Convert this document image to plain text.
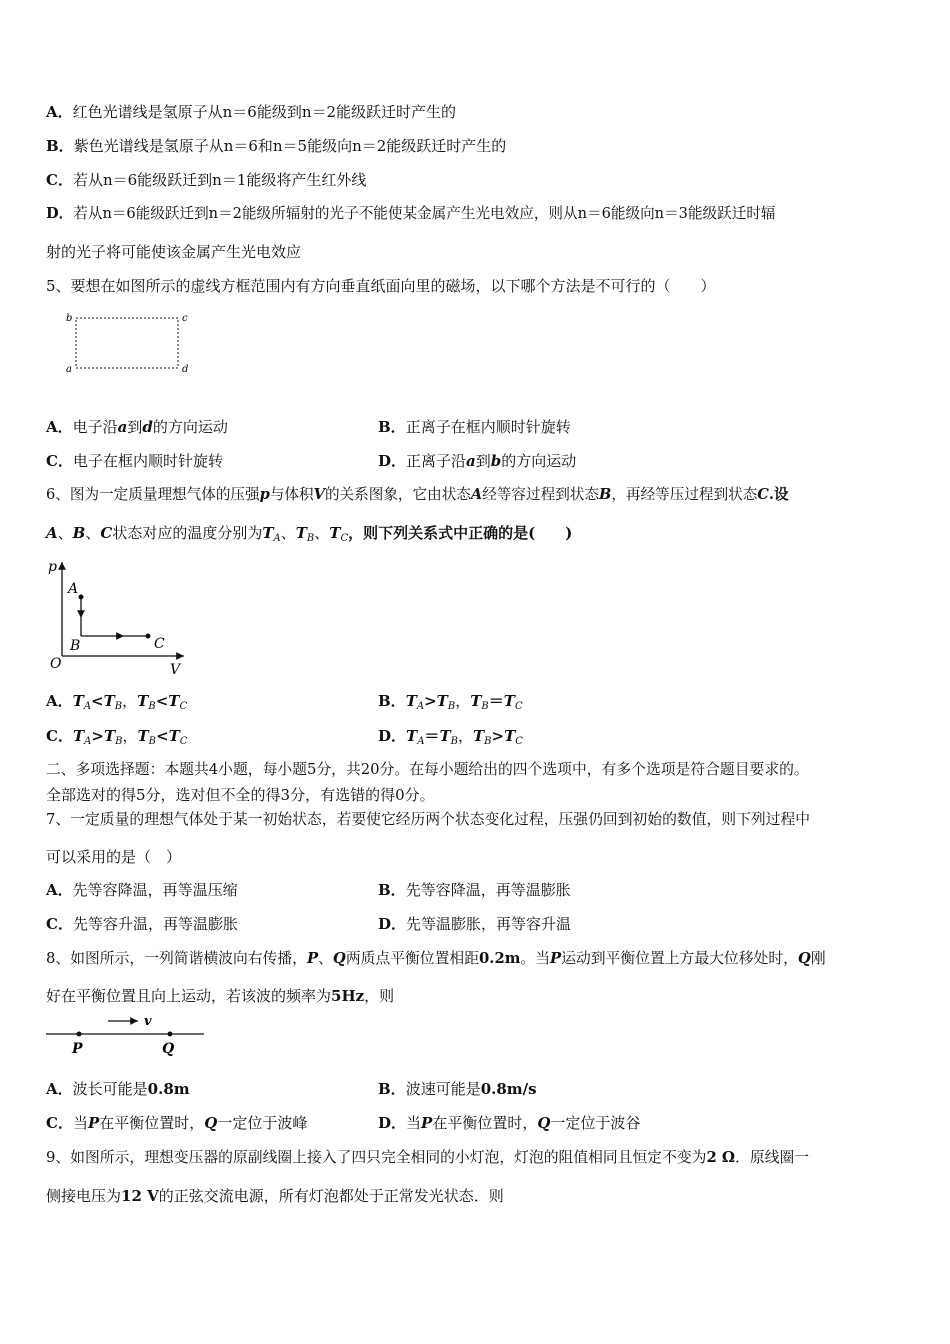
A．红色光谱线是氢原子从n＝6能级到n＝2能级跃迁时产生的
B．紫色光谱线是氢原子从n＝6和n＝5能级向n＝2能级跃迁时产生的
C．若从n＝6能级跃迁到n＝1能级将产生红外线
D．若从n＝6能级跃迁到n＝2能级所辐射的光子不能使某金属产生光电效应，则从n＝6能级向n＝3能级跃迁时辐
射的光子将可能使该金属产生光电效应
5、要想在如图所示的虚线方框范围内有方向垂直纸面向里的磁场，以下哪个方法是不可行的（　　）
b	c
a	d
A．电子沿a到d的方向运动	B．正离子在框内顺时针旋转
C．电子在框内顺时针旋转	D．正离子沿a到b的方向运动
6、图为一定质量理想气体的压强p与体积V的关系图象，它由状态A经等容过程到状态B，再经等压过程到状态C.设
A、B、C状态对应的温度分别为$T_A$、$T_B$、$T_C$，则下列关系式中正确的是(　　)
p
A
B	C
O	V
A．$T_A<T_B$，$T_B<T_C$	B．$T_A>T_B$，$T_B=T_C$
C．$T_A>T_B$，$T_B<T_C$	D．$T_A=T_B$，$T_B>T_C$
二、多项选择题：本题共4小题，每小题5分，共20分。在每小题给出的四个选项中，有多个选项是符合题目要求的。
全部选对的得5分，选对但不全的得3分，有选错的得0分。
7、一定质量的理想气体处于某一初始状态，若要使它经历两个状态变化过程，压强仍回到初始的数值，则下列过程中
可以采用的是（　）
A．先等容降温，再等温压缩	B．先等容降温，再等温膨胀
C．先等容升温，再等温膨胀	D．先等温膨胀，再等容升温
8、如图所示，一列简谐横波向右传播，P、Q两质点平衡位置相距0.2m。当P运动到平衡位置上方最大位移处时，Q刚
好在平衡位置且向上运动，若该波的频率为5Hz，则
v
P	Q
A．波长可能是0.8m	B．波速可能是0.8m/s
C．当P在平衡位置时，Q一定位于波峰	D．当P在平衡位置时，Q一定位于波谷
9、如图所示，理想变压器的原副线圈上接入了四只完全相同的小灯泡，灯泡的阻值相同且恒定不变为2 Ω．原线圈一
侧接电压为12 V的正弦交流电源，所有灯泡都处于正常发光状态．则
